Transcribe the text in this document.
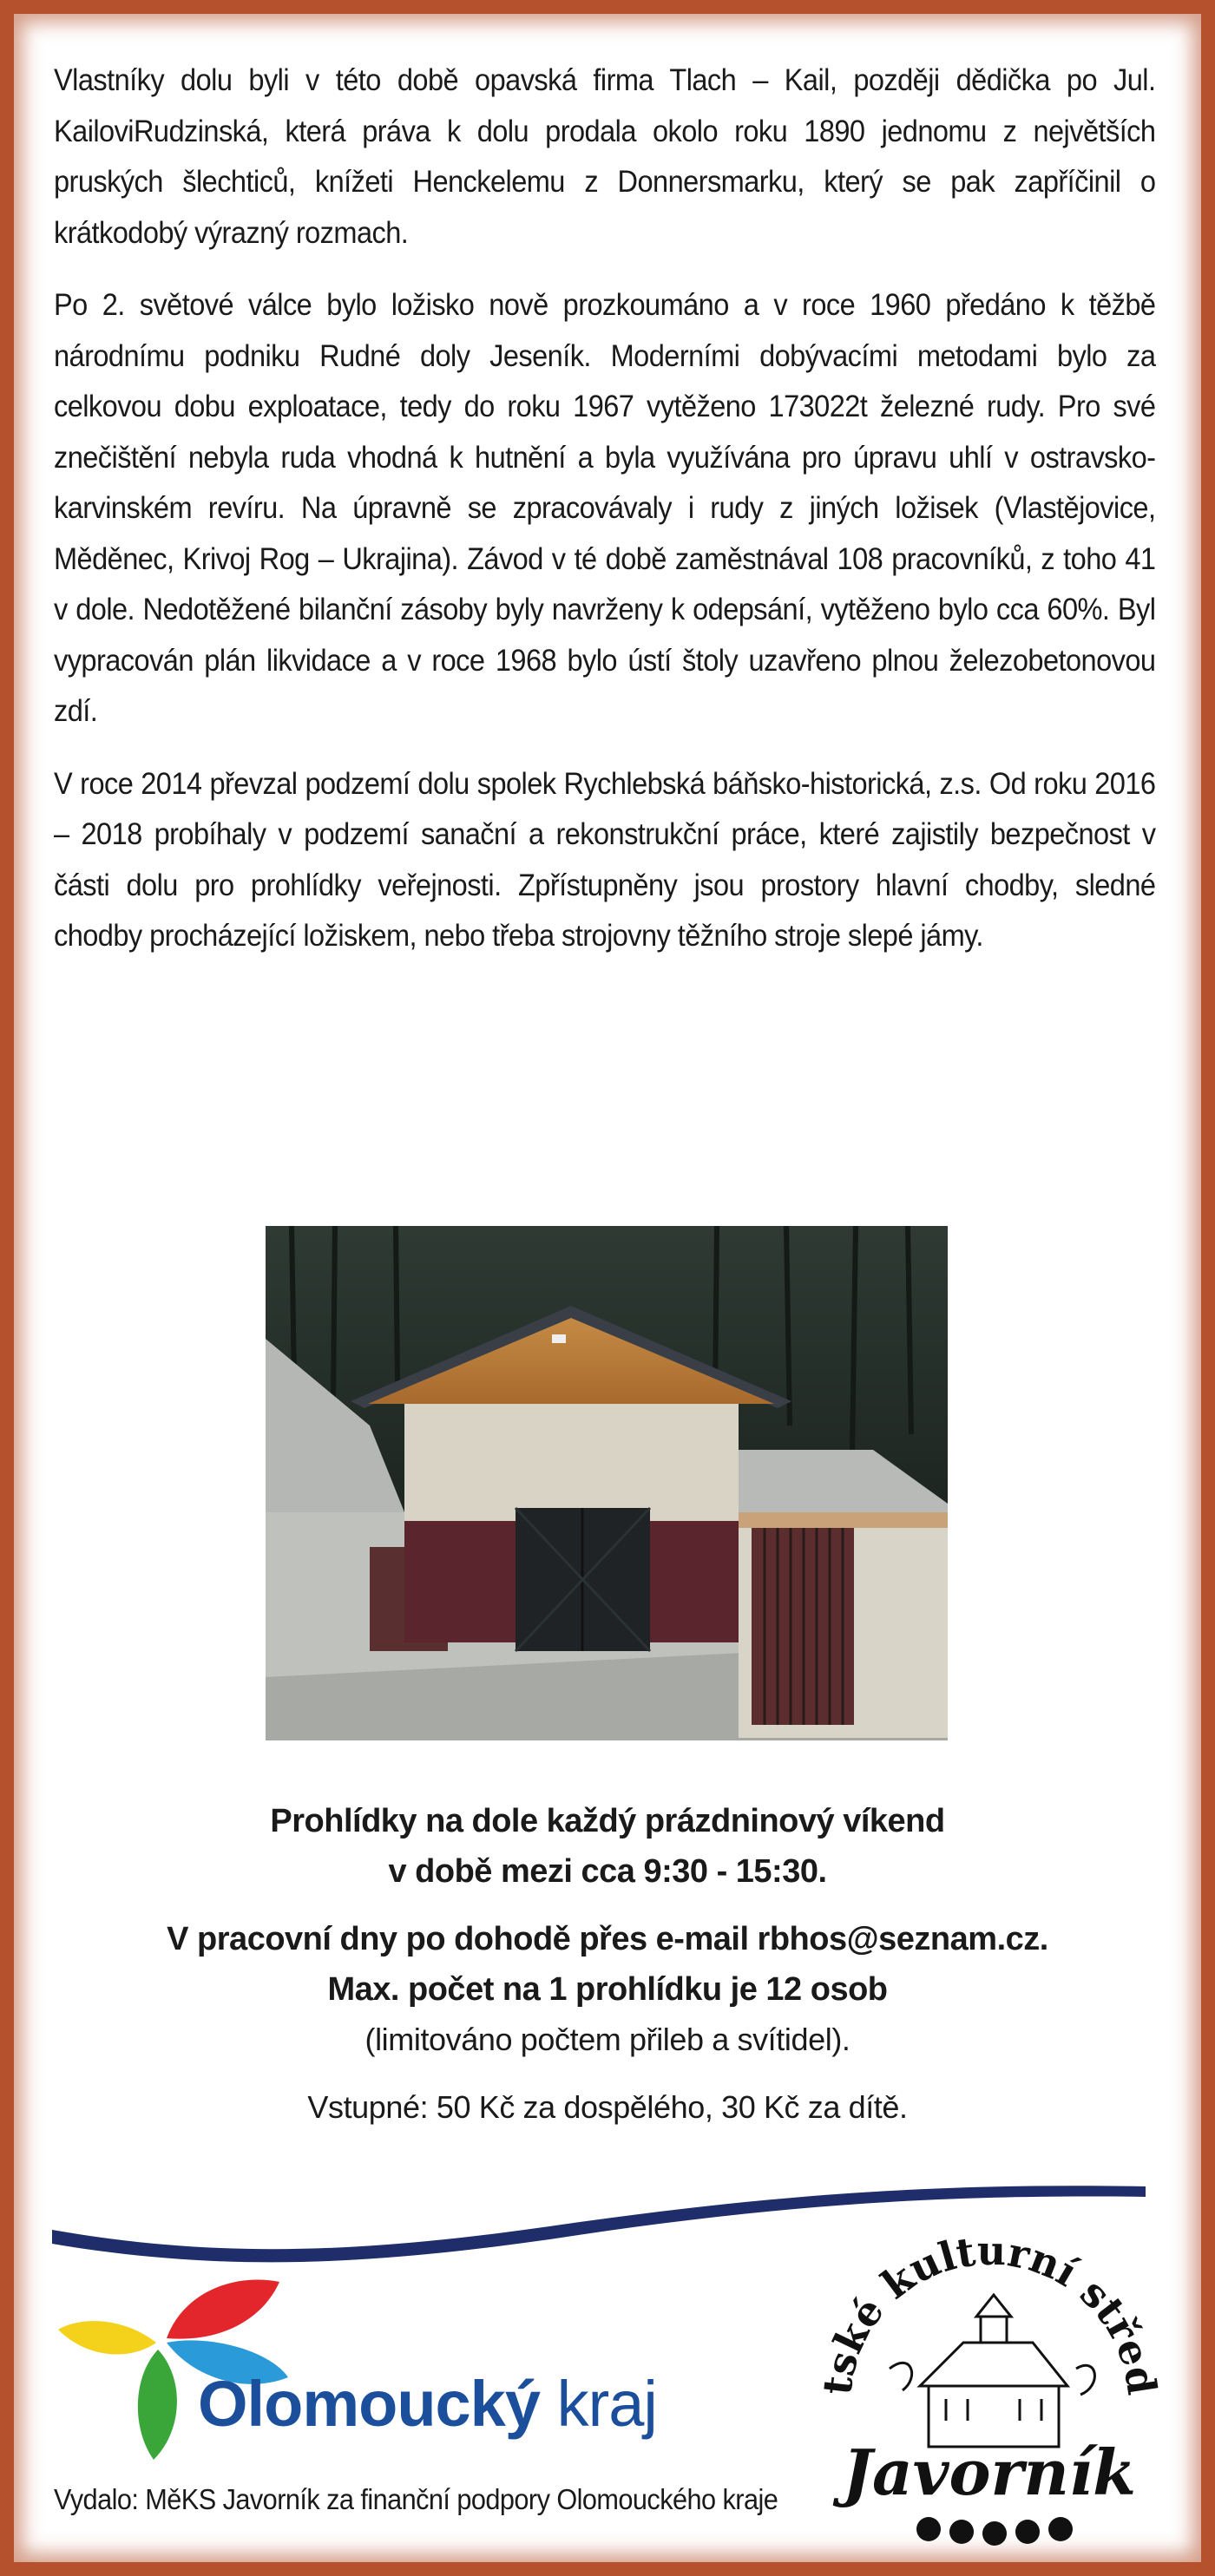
Vlastníky dolu byli v této době opavská firma Tlach – Kail, později dědička po Jul. KailoviRudzinská, která práva k dolu prodala okolo roku 1890 jednomu z největších pruských šlechticů, knížeti Henckelemu z Donnersmarku, který se pak zapříčinil o krátkodobý výrazný rozmach.

Po 2. světové válce bylo ložisko nově prozkoumáno a v roce 1960 předáno k těžbě národnímu podniku Rudné doly Jeseník. Moderními dobývacími metodami bylo za celkovou dobu exploatace, tedy do roku 1967 vytěženo 173022t železné rudy. Pro své znečištění nebyla ruda vhodná k hutnění a byla využívána pro úpravu uhlí v ostravsko-karvinském revíru. Na úpravně se zpracovávaly i rudy z jiných ložisek (Vlastějovice, Měděnec, Krivoj Rog – Ukrajina). Závod v té době zaměstnával 108 pracovníků, z toho 41 v dole. Nedotěžené bilanční zásoby byly navrženy k odepsání, vytěženo bylo cca 60%. Byl vypracován plán likvidace a v roce 1968 bylo ústí štoly uzavřeno plnou železobetonovou zdí.

V roce 2014 převzal podzemí dolu spolek Rychlebská báňsko-historická, z.s. Od roku 2016 – 2018 probíhaly v podzemí sanační a rekonstrukční práce, které zajistily bezpečnost v části dolu pro prohlídky veřejnosti. Zpřístupněny jsou prostory hlavní chodby, sledné chodby procházející ložiskem, nebo třeba strojovny těžního stroje slepé jámy.

Prohlídky na dole každý prázdninový víkend
v době mezi cca 9:30 - 15:30.
V pracovní dny po dohodě přes e-mail rbhos@seznam.cz.
Max. počet na 1 prohlídku je 12 osob
(limitováno počtem přileb a svítidel).
Vstupné: 50 Kč za dospělého, 30 Kč za dítě.
Olomoucký kraj
Vydalo: MěKS Javorník za finanční podpory Olomouckého kraje
tské kulturní střed
Javorník
